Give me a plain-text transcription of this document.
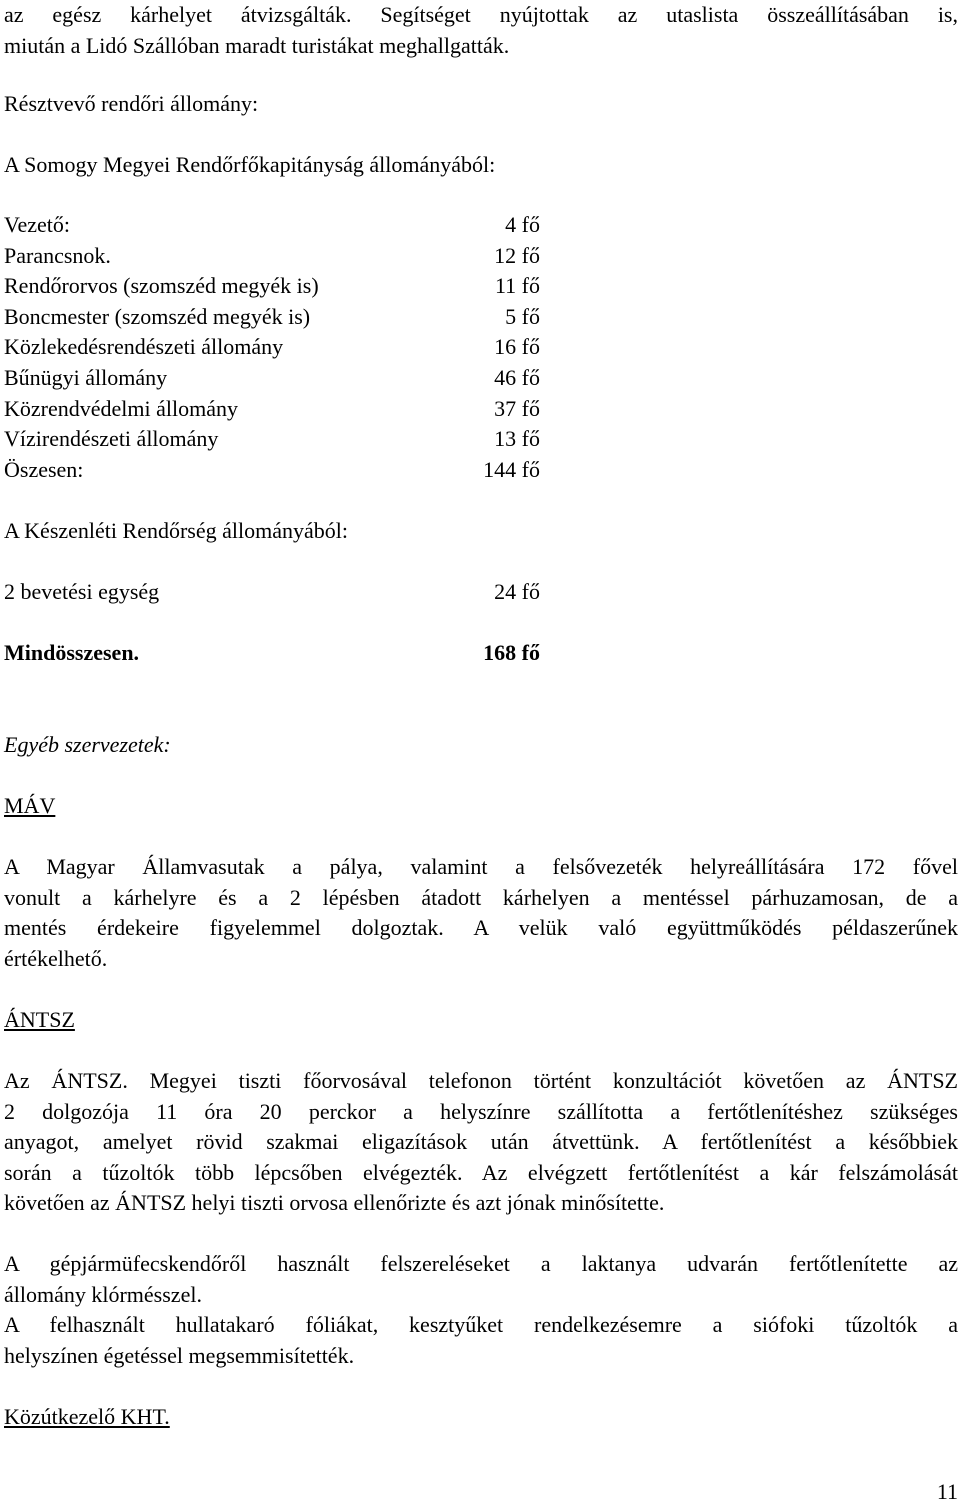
az egész kárhelyet átvizsgálták. Segítséget nyújtottak az utaslista összeállításában is,
miután a Lidó Szállóban maradt turistákat meghallgatták.
Résztvevő rendőri állomány:
A Somogy Megyei Rendőrfőkapitányság állományából:
Vezető:	4 fő
Parancsnok.	12 fő
Rendőrorvos (szomszéd megyék is)	11 fő
Boncmester (szomszéd megyék is)	5 fő
Közlekedésrendészeti állomány	16 fő
Bűnügyi állomány	46 fő
Közrendvédelmi állomány	37 fő
Vízirendészeti állomány	13 fő
Öszesen:	144 fő
A Készenléti Rendőrség állományából:
2 bevetési egység	24 fő
Mindösszesen.	168 fő
Egyéb szervezetek:
MÁV
A Magyar Államvasutak a pálya, valamint a felsővezeték helyreállítására 172 fővel
vonult a kárhelyre és a 2 lépésben átadott kárhelyen a mentéssel párhuzamosan, de a
mentés érdekeire figyelemmel dolgoztak. A velük való együttműködés példaszerűnek
értékelhető.
ÁNTSZ
Az ÁNTSZ. Megyei tiszti főorvosával telefonon történt konzultációt követően az ÁNTSZ
2 dolgozója 11 óra 20 perckor a helyszínre szállította a fertőtlenítéshez szükséges
anyagot, amelyet rövid szakmai eligazítások után átvettünk. A fertőtlenítést a későbbiek
során a tűzoltók több lépcsőben elvégezték. Az elvégzett fertőtlenítést a kár felszámolását
követően az ÁNTSZ helyi tiszti orvosa ellenőrizte és azt jónak minősítette.
A gépjármüfecskendőről használt felszereléseket a laktanya udvarán fertőtlenítette az
állomány klórmésszel.
A felhasznált hullatakaró fóliákat, kesztyűket rendelkezésemre a siófoki tűzoltók a
helyszínen égetéssel megsemmisítették.
Közútkezelő KHT.
11
